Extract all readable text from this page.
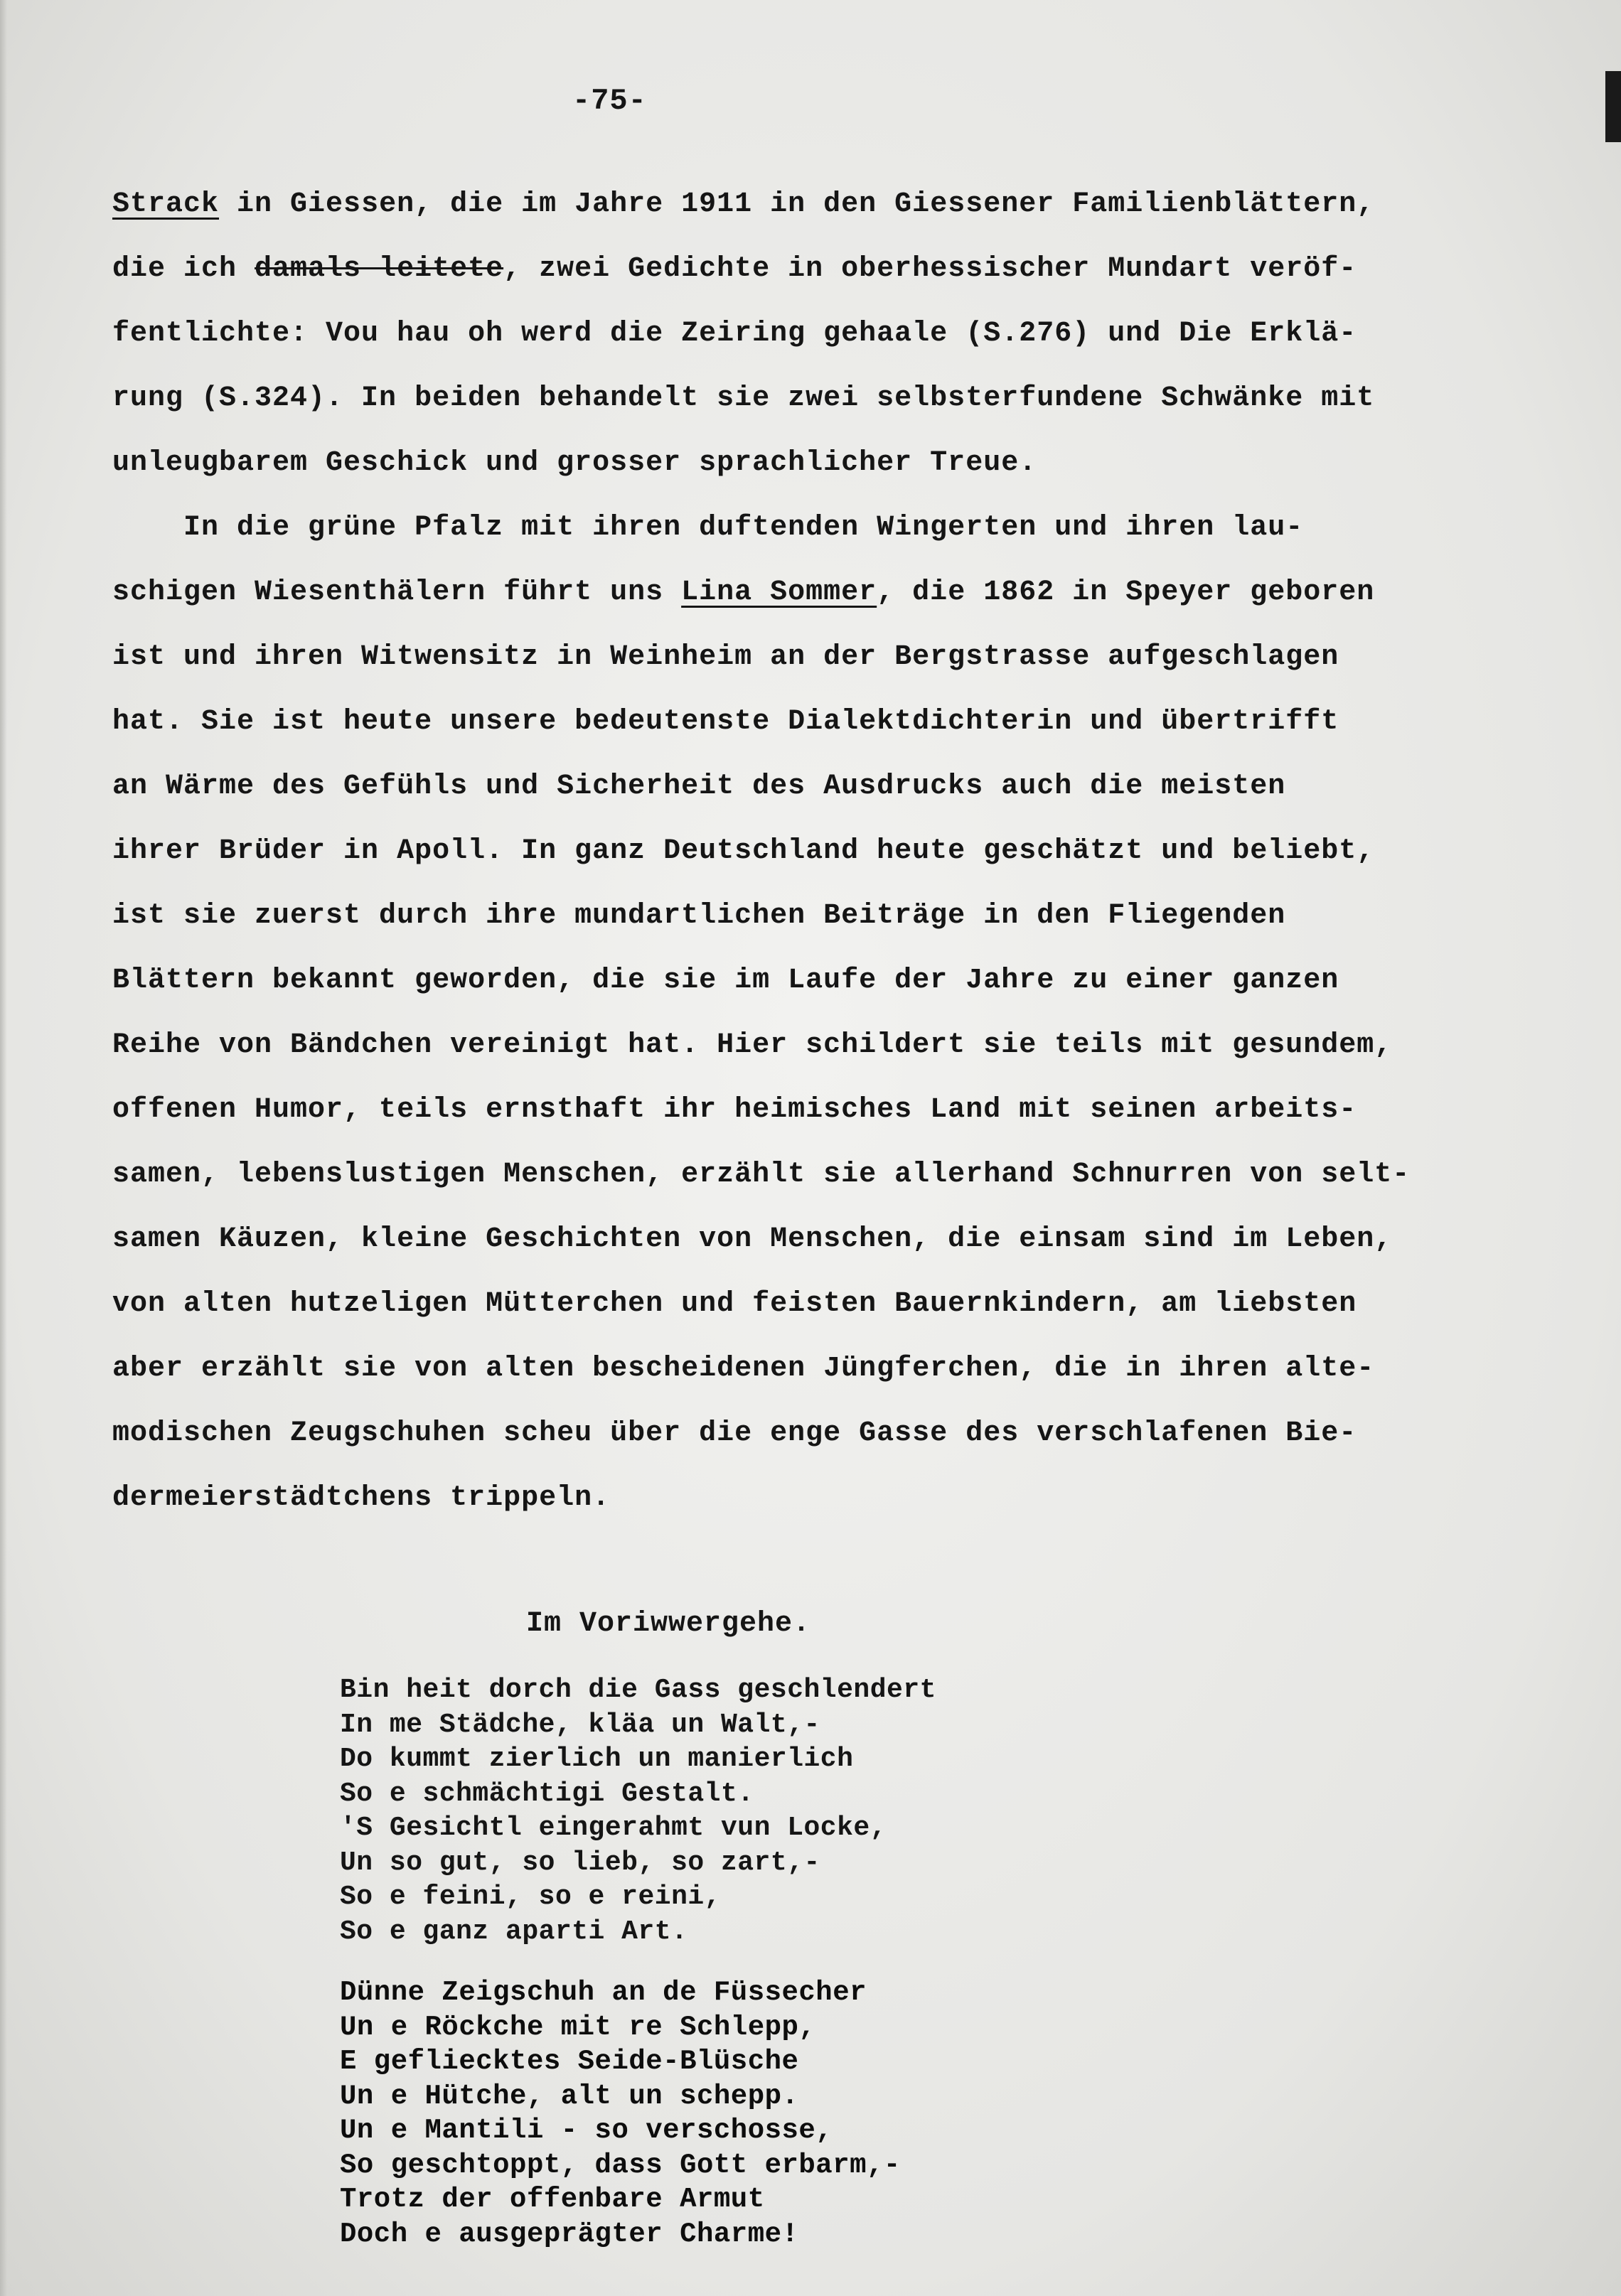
-75-
Strack in Giessen, die im Jahre 1911 in den Giessener Familienblättern,
die ich damals leitete, zwei Gedichte in oberhessischer Mundart veröf-
fentlichte: Vou hau oh werd die Zeiring gehaale (S.276) und Die Erklä-
rung (S.324). In beiden behandelt sie zwei selbsterfundene Schwänke mit
unleugbarem Geschick und grosser sprachlicher Treue.
In die grüne Pfalz mit ihren duftenden Wingerten und ihren lau-
schigen Wiesenthälern führt uns Lina Sommer, die 1862 in Speyer geboren
ist und ihren Witwensitz in Weinheim an der Bergstrasse aufgeschlagen
hat. Sie ist heute unsere bedeutenste Dialektdichterin und übertrifft
an Wärme des Gefühls und Sicherheit des Ausdrucks auch die meisten
ihrer Brüder in Apoll. In ganz Deutschland heute geschätzt und beliebt,
ist sie zuerst durch ihre mundartlichen Beiträge in den Fliegenden
Blättern bekannt geworden, die sie im Laufe der Jahre zu einer ganzen
Reihe von Bändchen vereinigt hat. Hier schildert sie teils mit gesundem,
offenen Humor, teils ernsthaft ihr heimisches Land mit seinen arbeits-
samen, lebenslustigen Menschen, erzählt sie allerhand Schnurren von selt-
samen Käuzen, kleine Geschichten von Menschen, die einsam sind im Leben,
von alten hutzeligen Mütterchen und feisten Bauernkindern, am liebsten
aber erzählt sie von alten bescheidenen Jüngferchen, die in ihren alte-
modischen Zeugschuhen scheu über die enge Gasse des verschlafenen Bie-
dermeierstädtchens trippeln.
Im Voriwwergehe.
Bin heit dorch die Gass geschlendert
In me Städche, kläa un Walt,-
Do kummt zierlich un manierlich
So e schmächtigi Gestalt.
'S Gesichtl eingerahmt vun Locke,
Un so gut, so lieb, so zart,-
So e feini, so e reini,
So e ganz aparti Art.
Dünne Zeigschuh an de Füssecher
Un e Röckche mit re Schlepp,
E gefliecktes Seide-Blüsche
Un e Hütche, alt un schepp.
Un e Mantili - so verschosse,
So geschtoppt, dass Gott erbarm,-
Trotz der offenbare Armut
Doch e ausgeprägter Charme!
